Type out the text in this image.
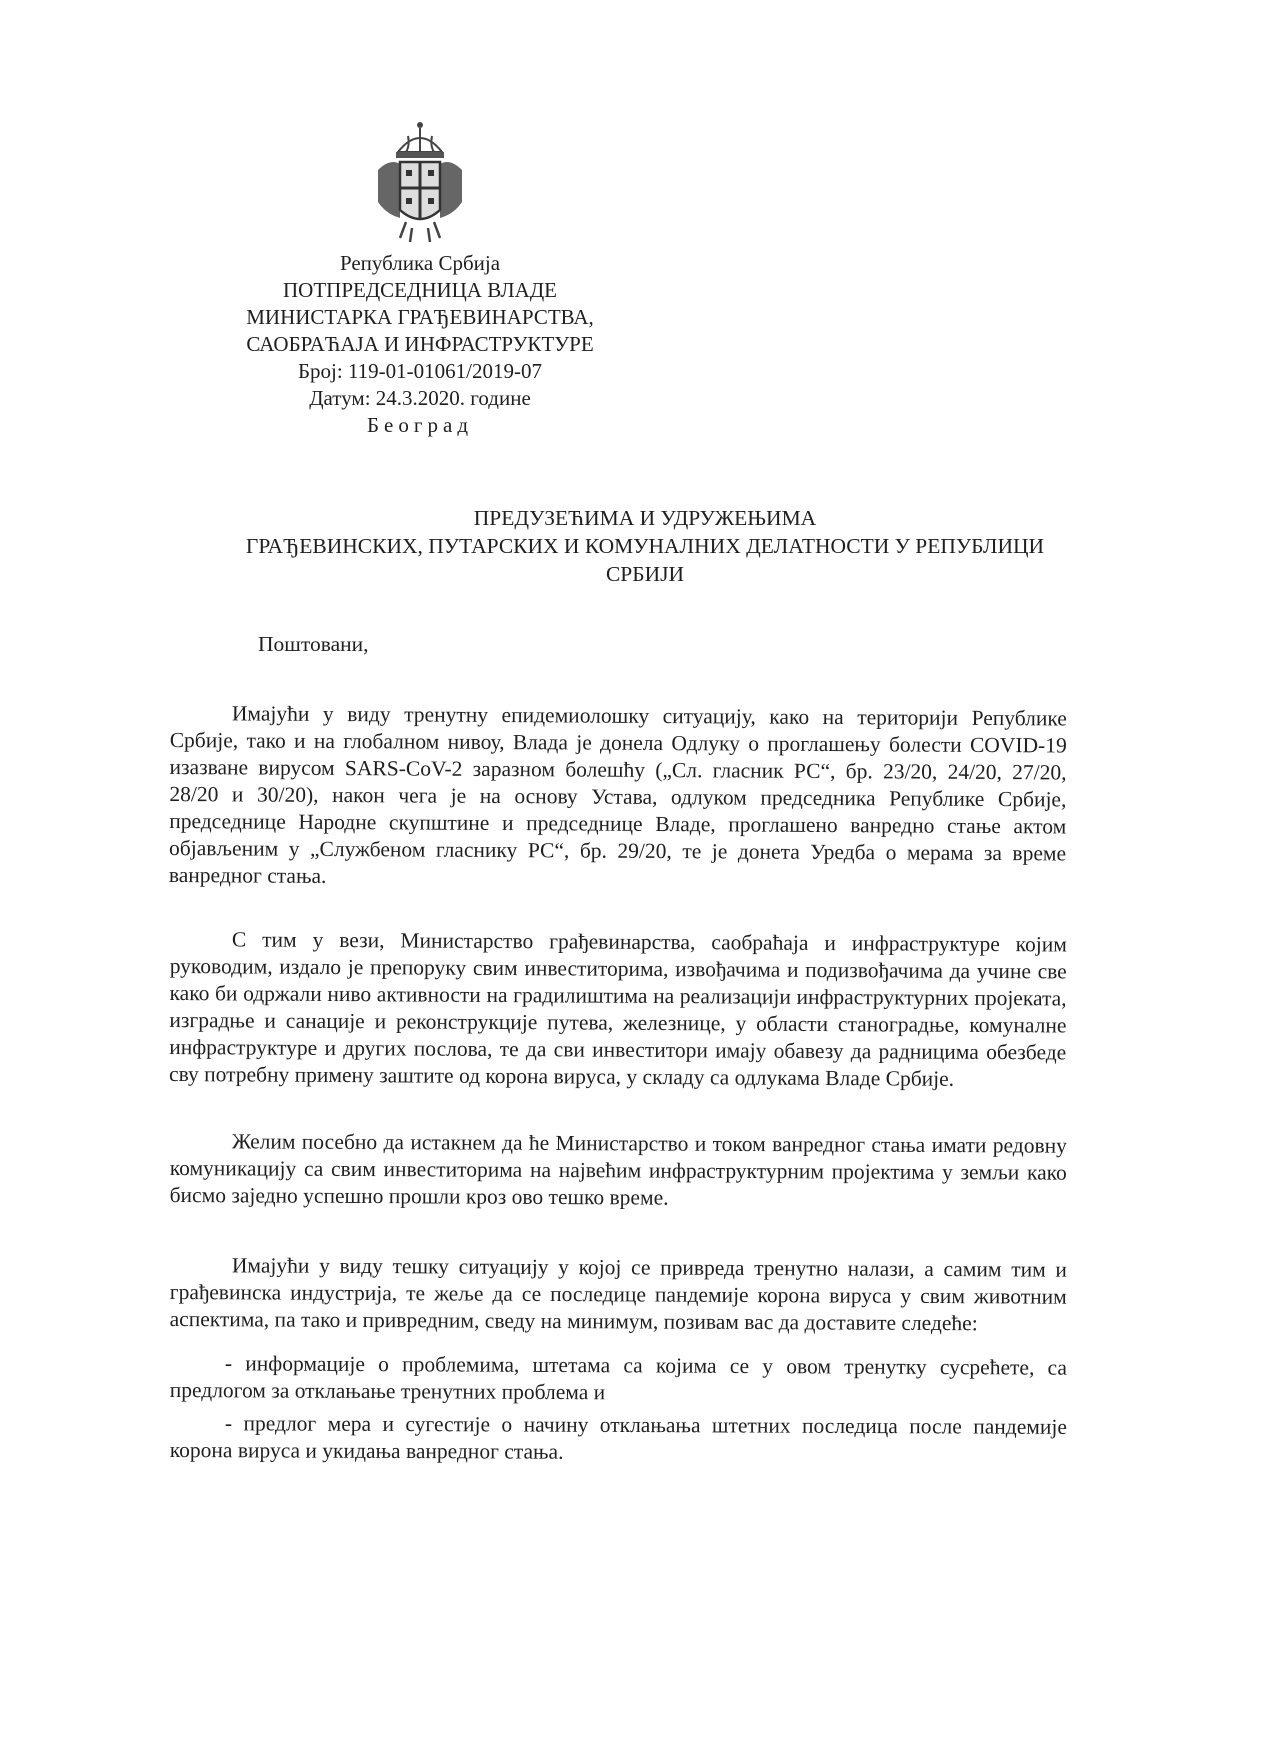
Република Србија
ПОТПРЕДСЕДНИЦА ВЛАДЕ
МИНИСТАРКА ГРАЂЕВИНАРСТВА,
САОБРАЋАЈА И ИНФРАСТРУКТУРЕ
Број: 119-01-01061/2019-07
Датум: 24.3.2020. године
Београд
ПРЕДУЗЕЋИМА И УДРУЖЕЊИМА
ГРАЂЕВИНСКИХ, ПУТАРСКИХ И КОМУНАЛНИХ ДЕЛАТНОСТИ У РЕПУБЛИЦИ
СРБИЈИ
Поштовани,

Имајући у виду тренутну епидемиолошку ситуацију, како на територији Републике Србије, тако и на глобалном нивоу, Влада је донела Одлуку о проглашењу болести COVID-19 изазване вирусом SARS-CoV-2 заразном болешћу („Сл. гласник РС“, бр. 23/20, 24/20, 27/20, 28/20 и 30/20), након чега је на основу Устава, одлуком председника Републике Србије, председнице Народне скупштине и председнице Владе, проглашено ванредно стање актом објављеним у „Службеном гласнику РС“, бр. 29/20, те је донета Уредба о мерама за време ванредног стања.

С тим у вези, Министарство грађевинарства, саобраћаја и инфраструктуре којим руководим, издало је препоруку свим инвеститорима, извођачима и подизвођачима да учине све како би одржали ниво активности на градилиштима на реализацији инфраструктурних пројеката, изградње и санације и реконструкције путева, железнице, у области станоградње, комуналне инфраструктуре и других послова, те да сви инвеститори имају обавезу да радницима обезбеде сву потребну примену заштите од корона вируса, у складу са одлукама Владе Србије.

Желим посебно да истакнем да ће Министарство и током ванредног стања имати редовну комуникацију са свим инвеститорима на највећим инфраструктурним пројектима у земљи како бисмо заједно успешно прошли кроз ово тешко време.

Имајући у виду тешку ситуацију у којој се привреда тренутно налази, а самим тим и грађевинска индустрија, те жеље да се последице пандемије корона вируса у свим животним аспектима, па тако и привредним, сведу на минимум, позивам вас да доставите следеће:

- информације о проблемима, штетама са којима се у овом тренутку сусрећете, са предлогом за отклањање тренутних проблема и

- предлог мера и сугестије о начину отклањања штетних последица после пандемије корона вируса и укидања ванредног стања.
